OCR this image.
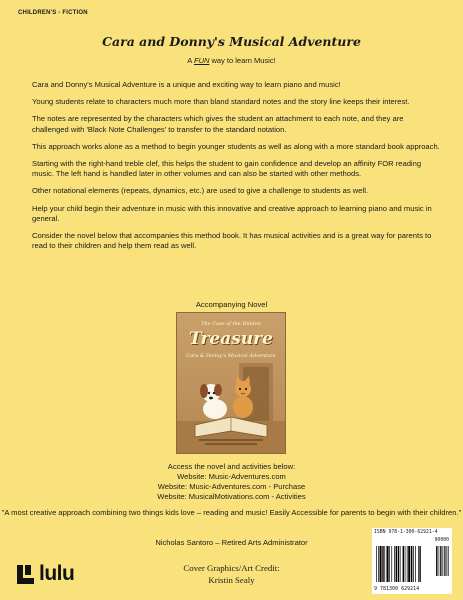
CHILDREN'S - FICTION
Cara and Donny's Musical Adventure
A FUN way to learn Music!

Cara and Donny's Musical Adventure is a unique and exciting way to learn piano and music!

Young students relate to characters much more than bland standard notes and the story line keeps their interest.

The notes are represented by the characters which gives the student an attachment to each note, and they are challenged with 'Black Note Challenges' to transfer to the standard notation.

This approach works alone as a method to begin younger students as well as along with a more standard book approach.

Starting with the right-hand treble clef, this helps the student to gain confidence and develop an affinity FOR reading music. The left hand is handled later in other volumes and can also be started with other methods.

Other notational elements (repeats, dynamics, etc.) are used to give a challenge to students as well.

Help your child begin their adventure in music with this innovative and creative approach to learning piano and music in general.

Consider the novel below that accompanies this method book. It has musical activities and is a great way for parents to read to their children and help them read as well.

Accompanying Novel
The Case of the Hidden
Treasure
Cara & Donny's Musical Adventure
Access the novel and activities below:
Website: Music-Adventures.com
Website: Music-Adventures.com - Purchase
Website: MusicalMotivations.com - Activities
"A most creative approach combining two things kids love – reading and music! Easily Accessible for parents to begin with their children."
Nicholas Santoro – Retired Arts Administrator
lulu	Cover Graphics/Art Credit:
Kristin Sealy
ISBN 978-1-300-62921-4
90000
9 781300 629214
